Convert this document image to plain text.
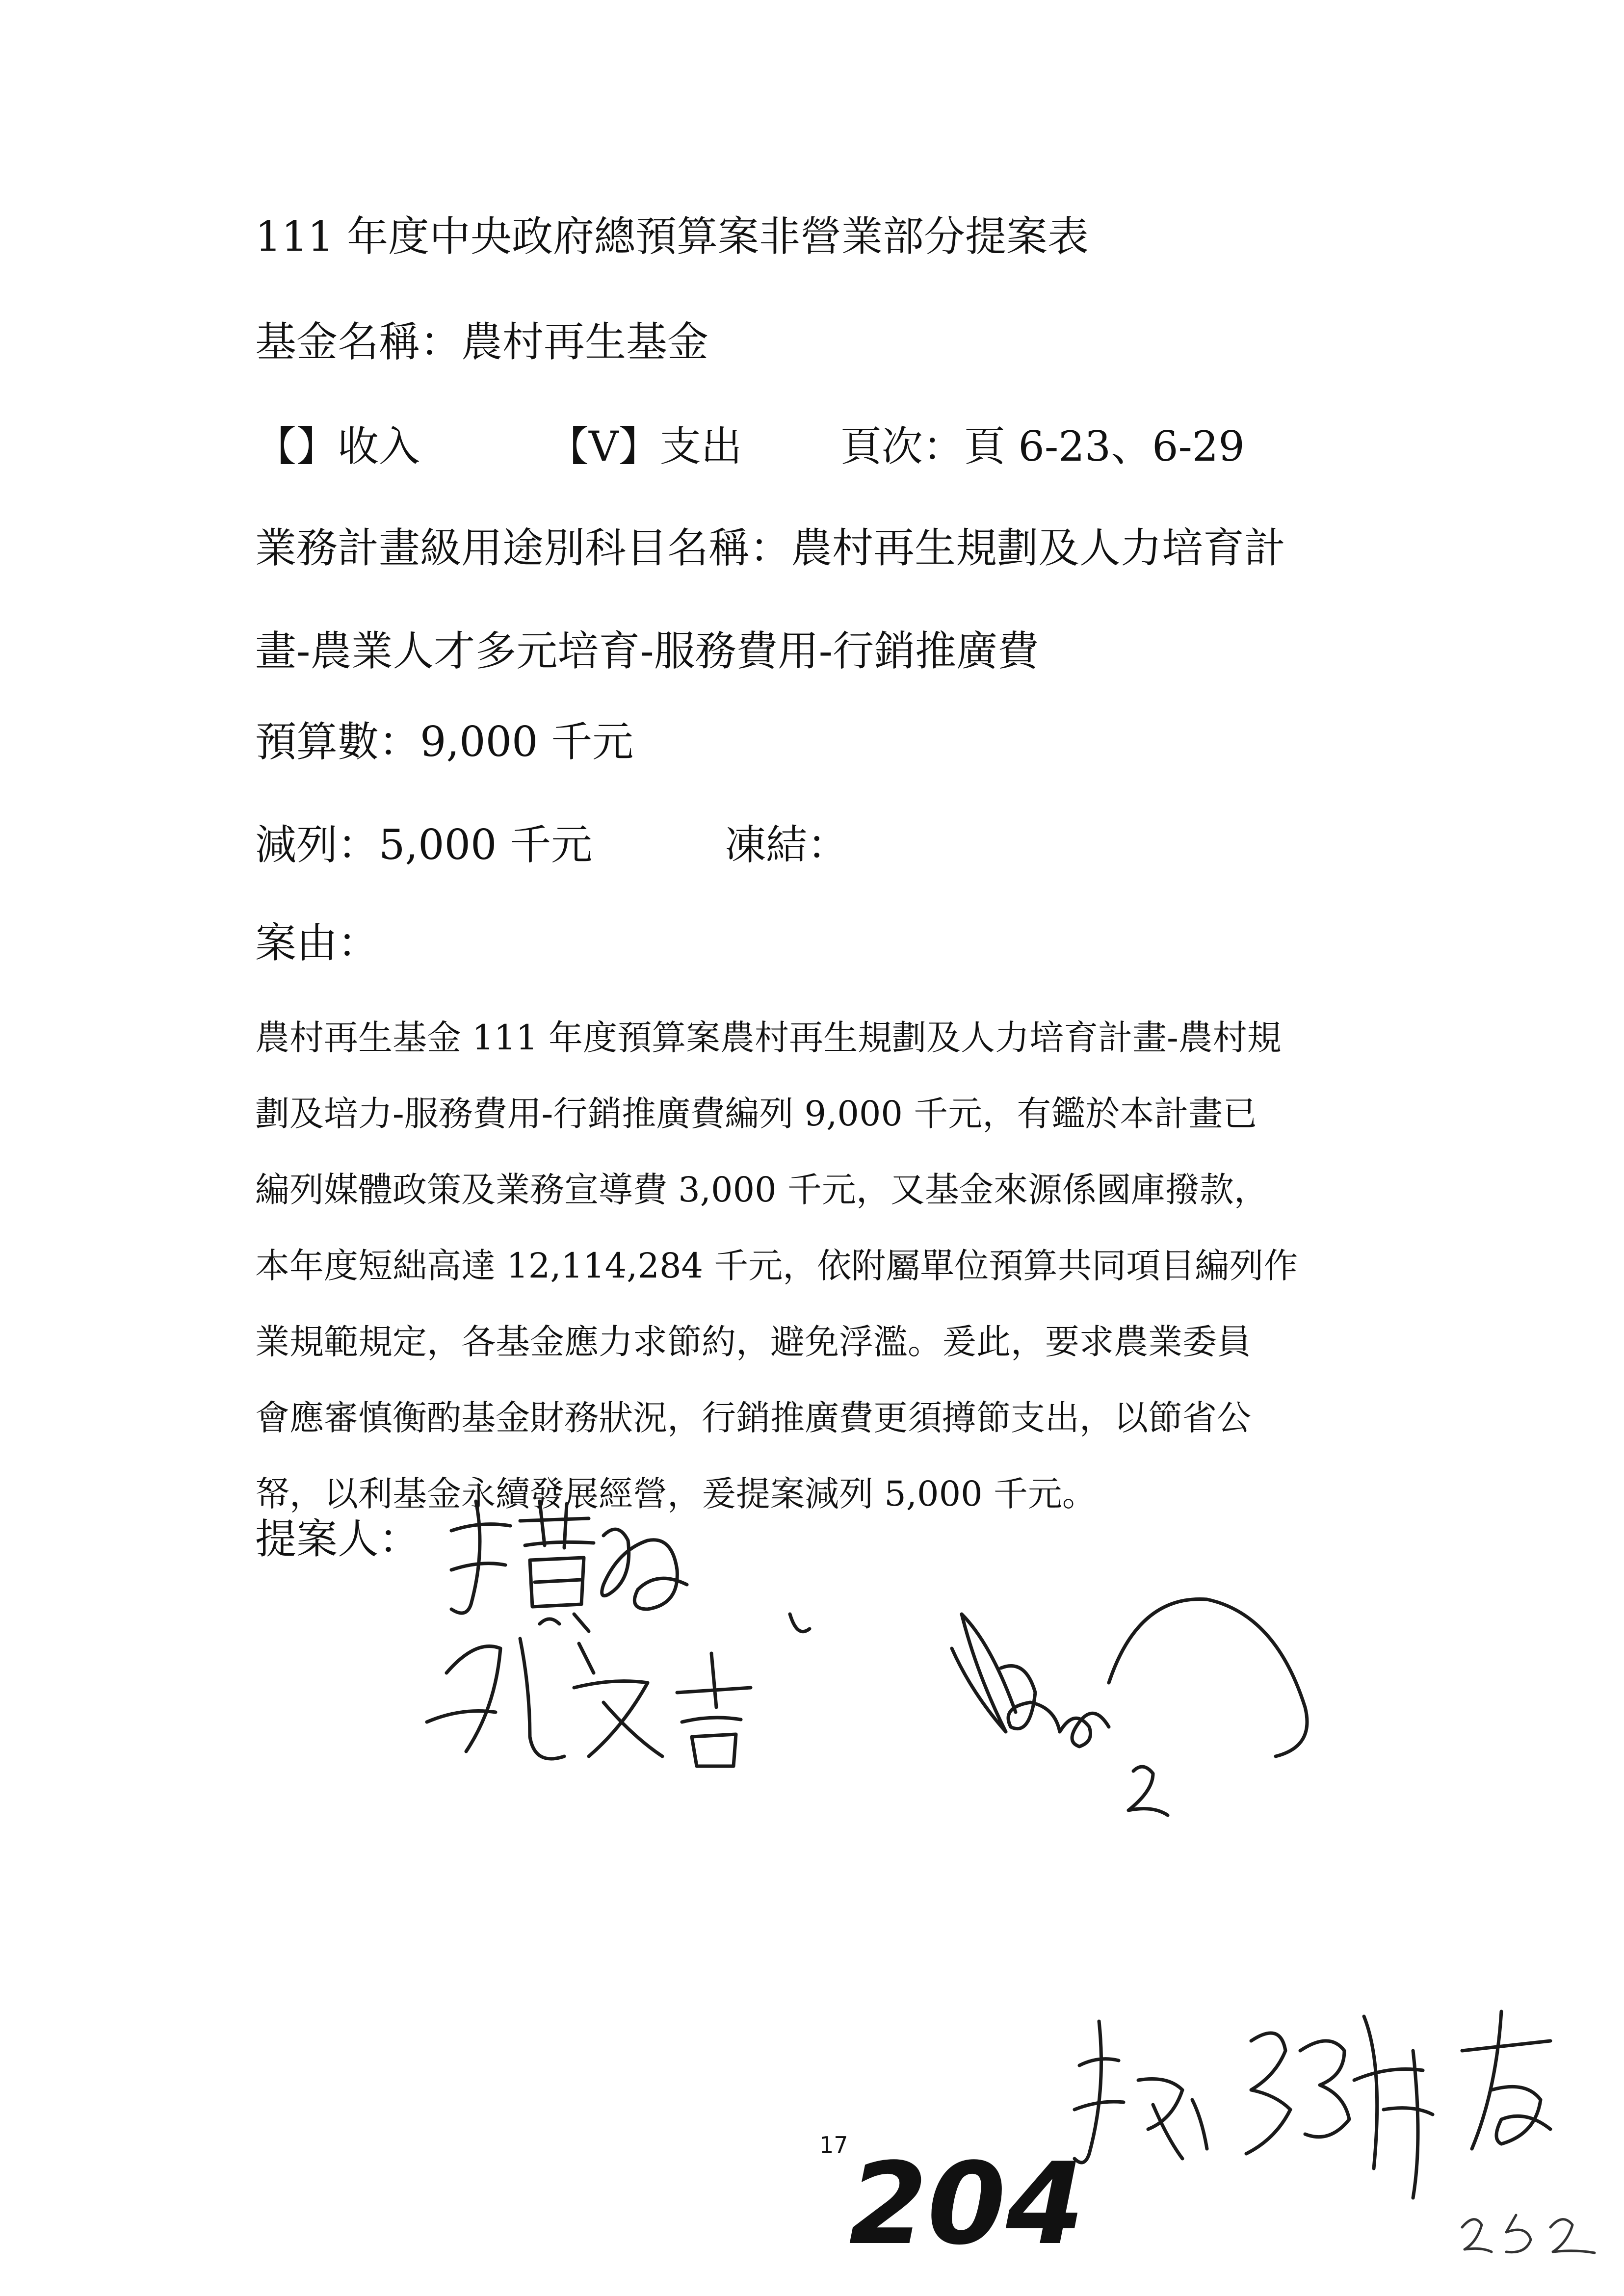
111 年度中央政府總預算案非營業部分提案表
基金名稱：農村再生基金
【】收入	【V】支出 頁次：頁 6-23、6-29
業務計畫級用途別科目名稱：農村再生規劃及人力培育計
畫-農業人才多元培育-服務費用-行銷推廣費
預算數：9,000 千元
減列：5,000 千元	凍結：
案由：
農村再生基金 111 年度預算案農村再生規劃及人力培育計畫-農村規
劃及培力-服務費用-行銷推廣費編列 9,000 千元，有鑑於本計畫已
編列媒體政策及業務宣導費 3,000 千元，又基金來源係國庫撥款，
本年度短絀高達 12,114,284 千元，依附屬單位預算共同項目編列作
業規範規定，各基金應力求節約，避免浮濫。爰此，要求農業委員
會應審慎衡酌基金財務狀況，行銷推廣費更須撙節支出，以節省公
帑，以利基金永續發展經營，爰提案減列 5,000 千元。
提案人：
17 204
